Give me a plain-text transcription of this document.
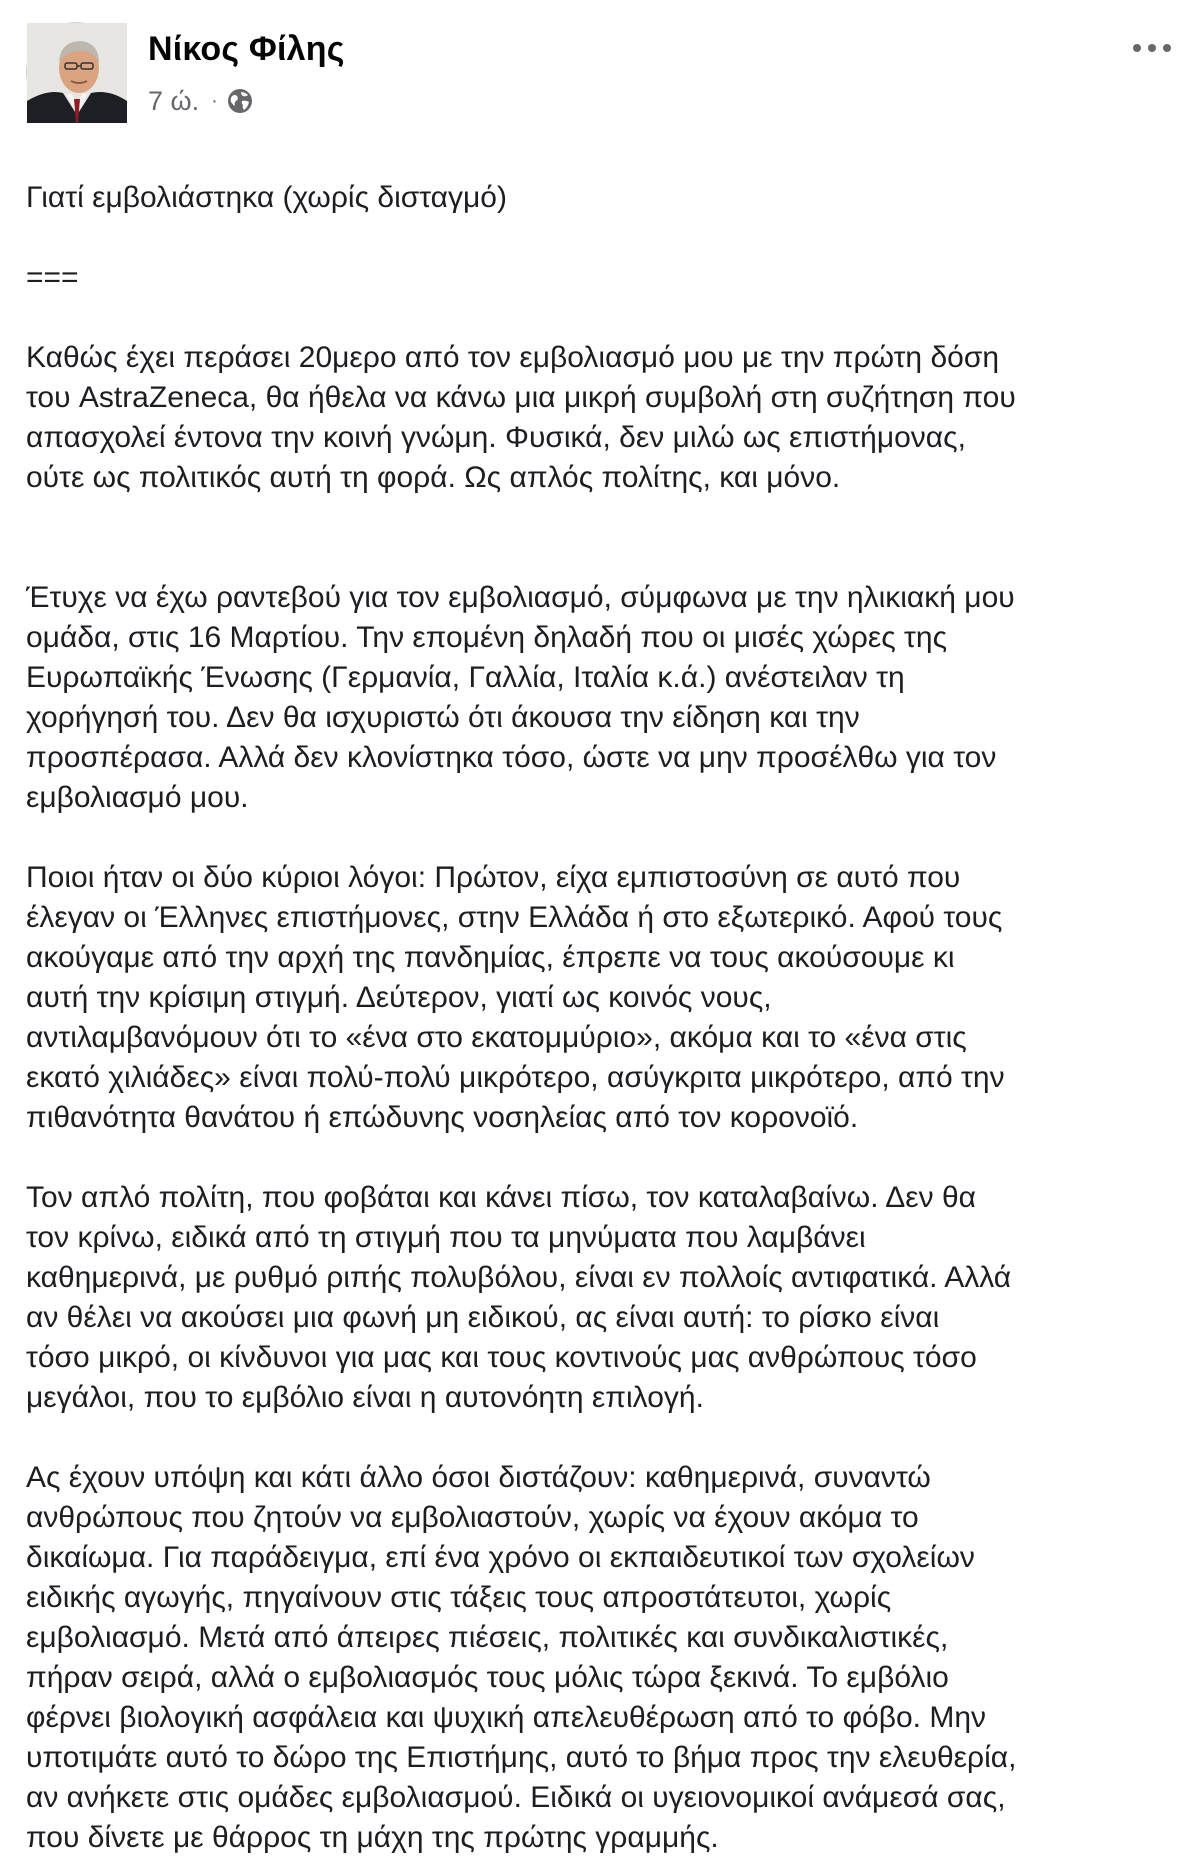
Νίκος Φίλης
7 ώ. ·

Γιατί εμβολιάστηκα (χωρίς δισταγμό)

===

Καθώς έχει περάσει 20μερο από τον εμβολιασμό μου με την πρώτη δόση
του AstraZeneca, θα ήθελα να κάνω μια μικρή συμβολή στη συζήτηση που
απασχολεί έντονα την κοινή γνώμη. Φυσικά, δεν μιλώ ως επιστήμονας,
ούτε ως πολιτικός αυτή τη φορά. Ως απλός πολίτης, και μόνο.

Έτυχε να έχω ραντεβού για τον εμβολιασμό, σύμφωνα με την ηλικιακή μου
ομάδα, στις 16 Μαρτίου. Την επομένη δηλαδή που οι μισές χώρες της
Ευρωπαϊκής Ένωσης (Γερμανία, Γαλλία, Ιταλία κ.ά.) ανέστειλαν τη
χορήγησή του. Δεν θα ισχυριστώ ότι άκουσα την είδηση και την
προσπέρασα. Αλλά δεν κλονίστηκα τόσο, ώστε να μην προσέλθω για τον
εμβολιασμό μου.

Ποιοι ήταν οι δύο κύριοι λόγοι: Πρώτον, είχα εμπιστοσύνη σε αυτό που
έλεγαν οι Έλληνες επιστήμονες, στην Ελλάδα ή στο εξωτερικό. Αφού τους
ακούγαμε από την αρχή της πανδημίας, έπρεπε να τους ακούσουμε κι
αυτή την κρίσιμη στιγμή. Δεύτερον, γιατί ως κοινός νους,
αντιλαμβανόμουν ότι το «ένα στο εκατομμύριο», ακόμα και το «ένα στις
εκατό χιλιάδες» είναι πολύ-πολύ μικρότερο, ασύγκριτα μικρότερο, από την
πιθανότητα θανάτου ή επώδυνης νοσηλείας από τον κορονοϊό.

Τον απλό πολίτη, που φοβάται και κάνει πίσω, τον καταλαβαίνω. Δεν θα
τον κρίνω, ειδικά από τη στιγμή που τα μηνύματα που λαμβάνει
καθημερινά, με ρυθμό ριπής πολυβόλου, είναι εν πολλοίς αντιφατικά. Αλλά
αν θέλει να ακούσει μια φωνή μη ειδικού, ας είναι αυτή: το ρίσκο είναι
τόσο μικρό, οι κίνδυνοι για μας και τους κοντινούς μας ανθρώπους τόσο
μεγάλοι, που το εμβόλιο είναι η αυτονόητη επιλογή.

Ας έχουν υπόψη και κάτι άλλο όσοι διστάζουν: καθημερινά, συναντώ
ανθρώπους που ζητούν να εμβολιαστούν, χωρίς να έχουν ακόμα το
δικαίωμα. Για παράδειγμα, επί ένα χρόνο οι εκπαιδευτικοί των σχολείων
ειδικής αγωγής, πηγαίνουν στις τάξεις τους απροστάτευτοι, χωρίς
εμβολιασμό. Μετά από άπειρες πιέσεις, πολιτικές και συνδικαλιστικές,
πήραν σειρά, αλλά ο εμβολιασμός τους μόλις τώρα ξεκινά. Το εμβόλιο
φέρνει βιολογική ασφάλεια και ψυχική απελευθέρωση από το φόβο. Μην
υποτιμάτε αυτό το δώρο της Επιστήμης, αυτό το βήμα προς την ελευθερία,
αν ανήκετε στις ομάδες εμβολιασμού. Ειδικά οι υγειονομικοί ανάμεσά σας,
που δίνετε με θάρρος τη μάχη της πρώτης γραμμής.
